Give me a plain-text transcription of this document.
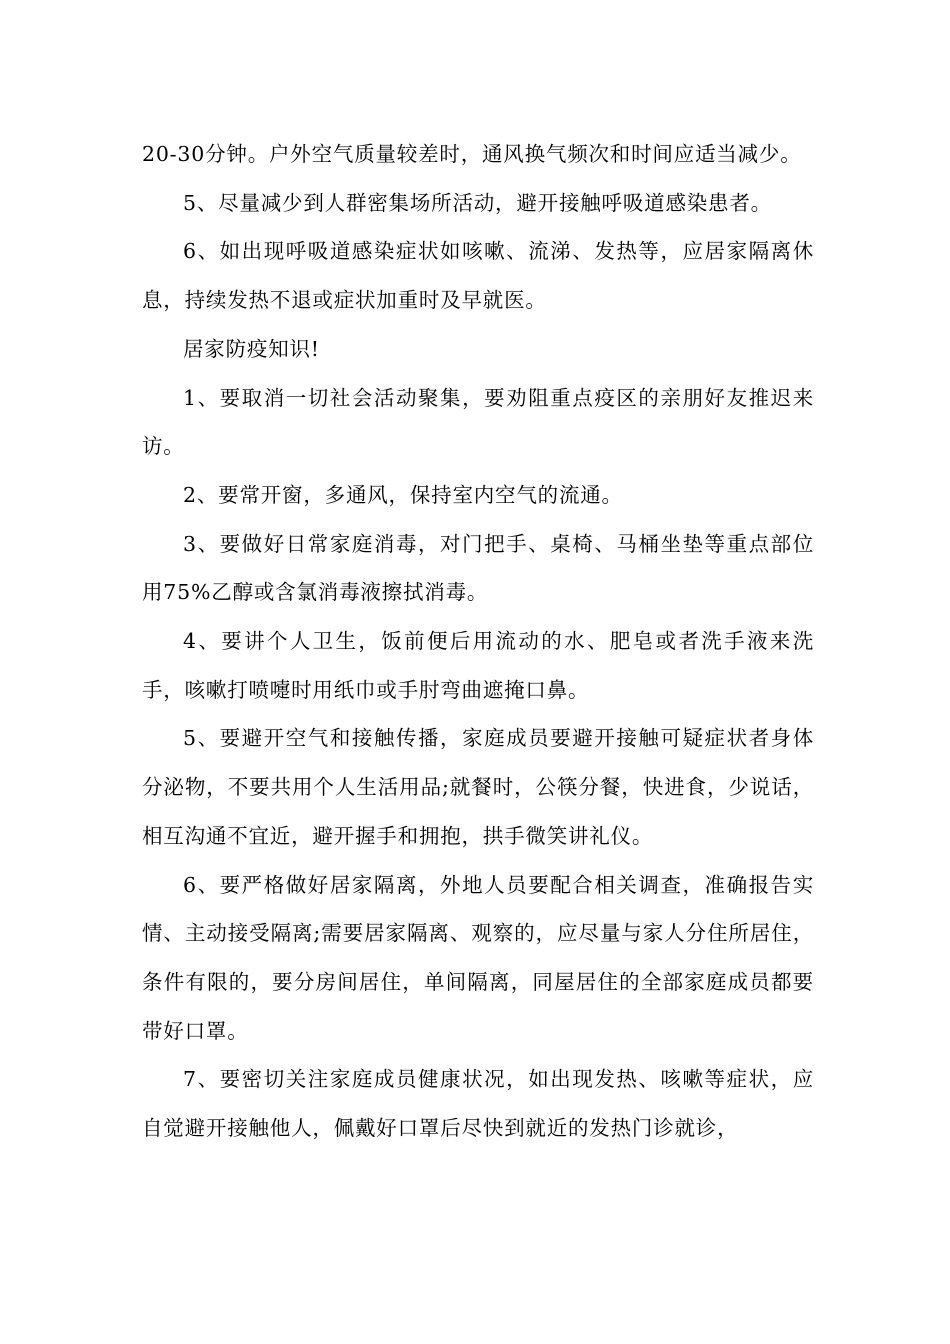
20-30分钟。户外空气质量较差时，通风换气频次和时间应适当减少。

5、尽量减少到人群密集场所活动，避开接触呼吸道感染患者。

6、如出现呼吸道感染症状如咳嗽、流涕、发热等，应居家隔离休息，持续发热不退或症状加重时及早就医。

居家防疫知识!

1、要取消一切社会活动聚集，要劝阻重点疫区的亲朋好友推迟来访。

2、要常开窗，多通风，保持室内空气的流通。

3、要做好日常家庭消毒，对门把手、桌椅、马桶坐垫等重点部位用75%乙醇或含氯消毒液擦拭消毒。

4、要讲个人卫生，饭前便后用流动的水、肥皂或者洗手液来洗手，咳嗽打喷嚏时用纸巾或手肘弯曲遮掩口鼻。

5、要避开空气和接触传播，家庭成员要避开接触可疑症状者身体分泌物，不要共用个人生活用品;就餐时，公筷分餐，快进食，少说话，相互沟通不宜近，避开握手和拥抱，拱手微笑讲礼仪。

6、要严格做好居家隔离，外地人员要配合相关调查，准确报告实情、主动接受隔离;需要居家隔离、观察的，应尽量与家人分住所居住，条件有限的，要分房间居住，单间隔离，同屋居住的全部家庭成员都要带好口罩。

7、要密切关注家庭成员健康状况，如出现发热、咳嗽等症状，应自觉避开接触他人，佩戴好口罩后尽快到就近的发热门诊就诊，
